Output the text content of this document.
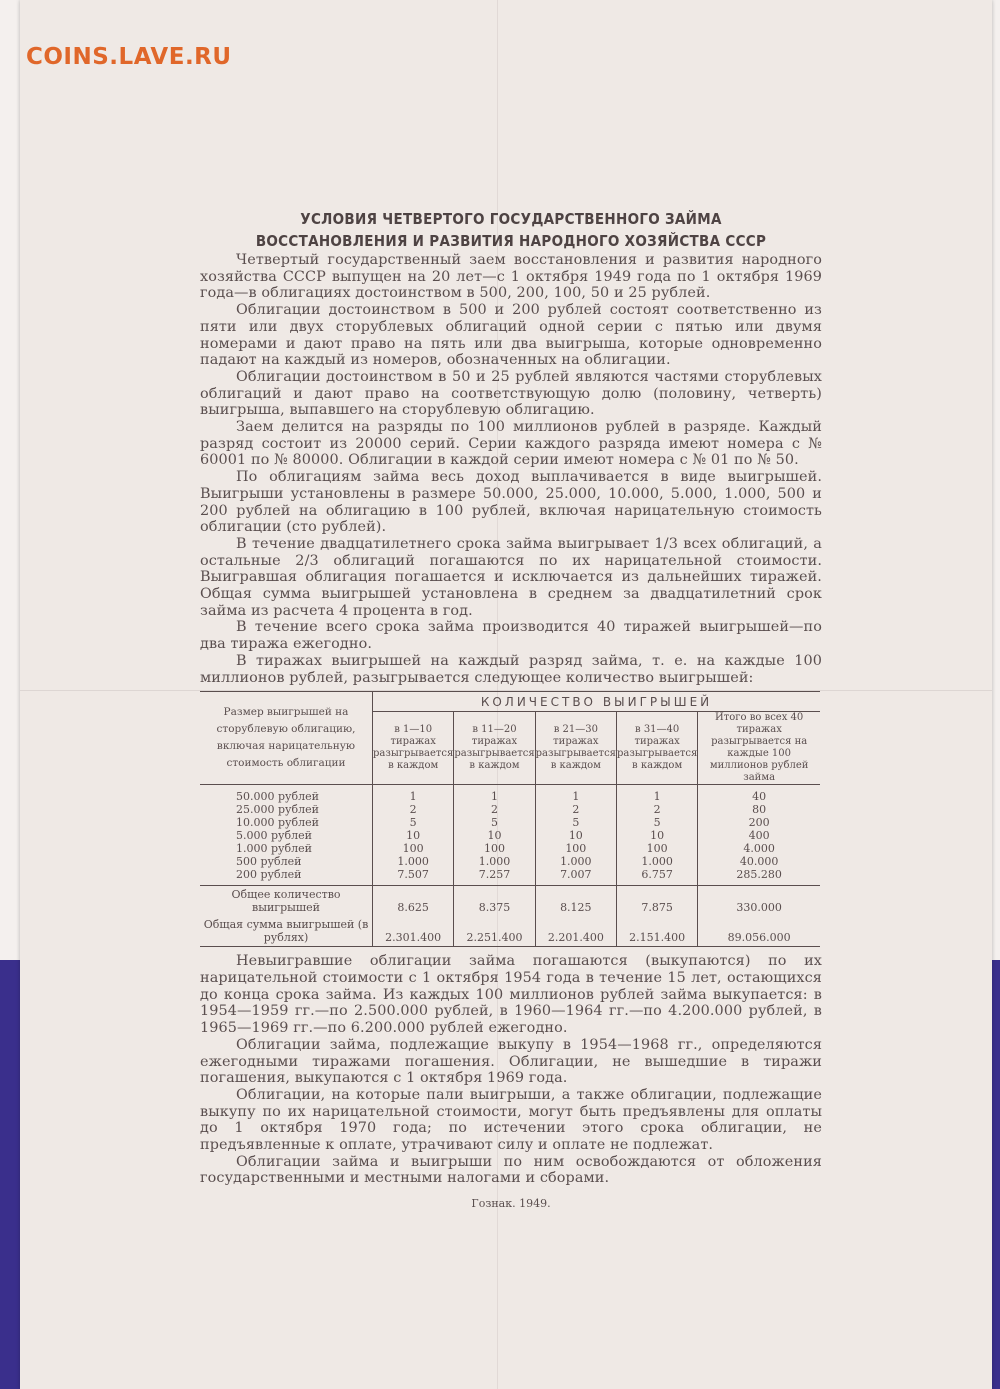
COINS.LAVE.RU
УСЛОВИЯ ЧЕТВЕРТОГО ГОСУДАРСТВЕННОГО ЗАЙМА
ВОССТАНОВЛЕНИЯ И РАЗВИТИЯ НАРОДНОГО ХОЗЯЙСТВА СССР

Четвертый государственный заем восстановления и развития народного хозяйства СССР выпущен на 20 лет—с 1 октября 1949 года по 1 октября 1969 года—в облигациях достоинством в 500, 200, 100, 50 и 25 рублей.

Облигации достоинством в 500 и 200 рублей состоят соответственно из пяти или двух сторублевых облигаций одной серии с пятью или двумя номерами и дают право на пять или два выигрыша, которые одновременно падают на каждый из номеров, обозначенных на облигации.

Облигации достоинством в 50 и 25 рублей являются частями сторублевых облигаций и дают право на соответствующую долю (половину, четверть) выигрыша, выпавшего на сторублевую облигацию.

Заем делится на разряды по 100 миллионов рублей в разряде. Каждый разряд состоит из 20000 серий. Серии каждого разряда имеют номера с № 60001 по № 80000. Облигации в каждой серии имеют номера с № 01 по № 50.

По облигациям займа весь доход выплачивается в виде выигрышей. Выигрыши установлены в размере 50.000, 25.000, 10.000, 5.000, 1.000, 500 и 200 рублей на облигацию в 100 рублей, включая нарицательную стоимость облигации (сто рублей).

В течение двадцатилетнего срока займа выигрывает 1/3 всех облигаций, а остальные 2/3 облигаций погашаются по их нарицательной стоимости. Выигравшая облигация погашается и исключается из дальнейших тиражей. Общая сумма выигрышей установлена в среднем за двадцатилетний срок займа из расчета 4 процента в год.

В течение всего срока займа производится 40 тиражей выигрышей—по два тиража ежегодно.

В тиражах выигрышей на каждый разряд займа, т. е. на каждые 100 миллионов рублей, разыгрывается следующее количество выигрышей:

Размер выигрышей на сторублевую облигацию, включая нарицательную стоимость облигации	КОЛИЧЕСТВО ВЫИГРЫШЕЙ				
	в 1—10 тиражах разыгрывается в каждом	в 11—20 тиражах разыгрывается в каждом	в 21—30 тиражах разыгрывается в каждом	в 31—40 тиражах разыгрывается в каждом	Итого во всех 40 тиражах разыгрывается на каждые 100 миллионов рублей займа
50.000 рублей	1	1	1	1	40
25.000 рублей	2	2	2	2	80
10.000 рублей	5	5	5	5	200
5.000 рублей	10	10	10	10	400
1.000 рублей	100	100	100	100	4.000
500 рублей	1.000	1.000	1.000	1.000	40.000
200 рублей	7.507	7.257	7.007	6.757	285.280
Общее количество выигрышей	8.625	8.375	8.125	7.875	330.000
Общая сумма выигрышей (в рублях)	2.301.400	2.251.400	2.201.400	2.151.400	89.056.000

Невыигравшие облигации займа погашаются (выкупаются) по их нарицательной стоимости с 1 октября 1954 года в течение 15 лет, остающихся до конца срока займа. Из каждых 100 миллионов рублей займа выкупается: в 1954—1959 гг.—по 2.500.000 рублей, в 1960—1964 гг.—по 4.200.000 рублей, в 1965—1969 гг.—по 6.200.000 рублей ежегодно.

Облигации займа, подлежащие выкупу в 1954—1968 гг., определяются ежегодными тиражами погашения. Облигации, не вышедшие в тиражи погашения, выкупаются с 1 октября 1969 года.

Облигации, на которые пали выигрыши, а также облигации, подлежащие выкупу по их нарицательной стоимости, могут быть предъявлены для оплаты до 1 октября 1970 года; по истечении этого срока облигации, не предъявленные к оплате, утрачивают силу и оплате не подлежат.

Облигации займа и выигрыши по ним освобождаются от обложения государственными и местными налогами и сборами.

Гознак. 1949.
